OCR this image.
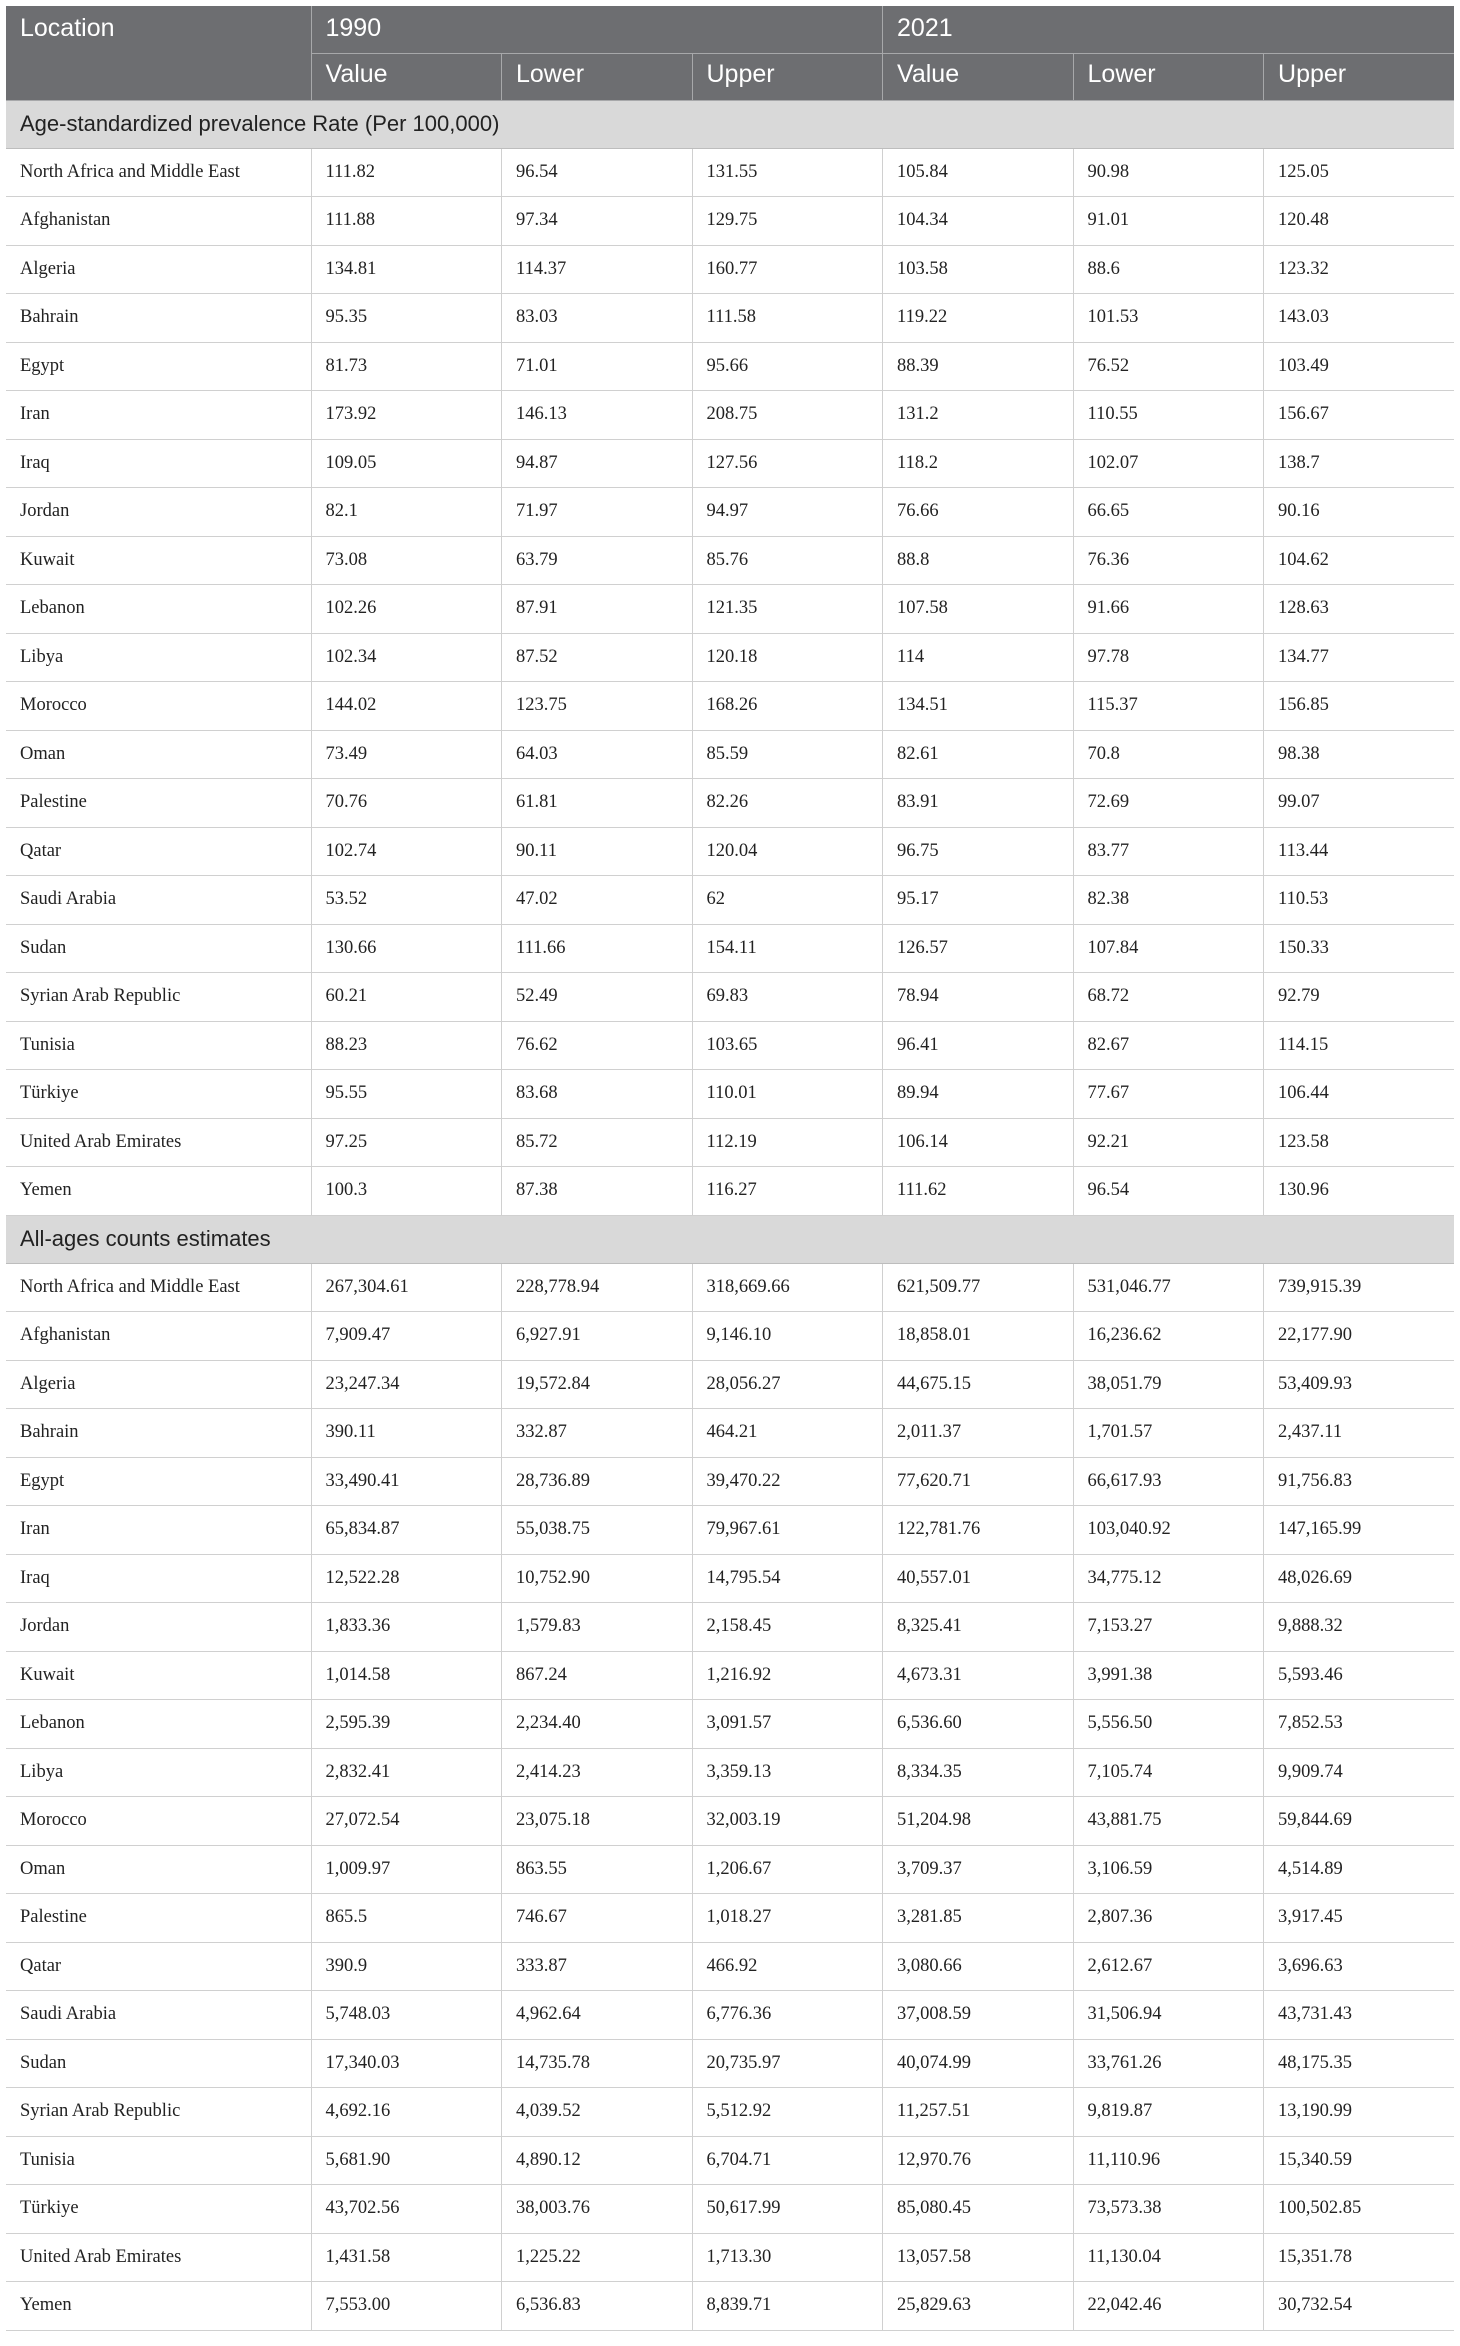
Location	1990			2021		
	Value	Lower	Upper	Value	Lower	Upper
Age-standardized prevalence Rate (Per 100,000)						
North Africa and Middle East	111.82	96.54	131.55	105.84	90.98	125.05
Afghanistan	111.88	97.34	129.75	104.34	91.01	120.48
Algeria	134.81	114.37	160.77	103.58	88.6	123.32
Bahrain	95.35	83.03	111.58	119.22	101.53	143.03
Egypt	81.73	71.01	95.66	88.39	76.52	103.49
Iran	173.92	146.13	208.75	131.2	110.55	156.67
Iraq	109.05	94.87	127.56	118.2	102.07	138.7
Jordan	82.1	71.97	94.97	76.66	66.65	90.16
Kuwait	73.08	63.79	85.76	88.8	76.36	104.62
Lebanon	102.26	87.91	121.35	107.58	91.66	128.63
Libya	102.34	87.52	120.18	114	97.78	134.77
Morocco	144.02	123.75	168.26	134.51	115.37	156.85
Oman	73.49	64.03	85.59	82.61	70.8	98.38
Palestine	70.76	61.81	82.26	83.91	72.69	99.07
Qatar	102.74	90.11	120.04	96.75	83.77	113.44
Saudi Arabia	53.52	47.02	62	95.17	82.38	110.53
Sudan	130.66	111.66	154.11	126.57	107.84	150.33
Syrian Arab Republic	60.21	52.49	69.83	78.94	68.72	92.79
Tunisia	88.23	76.62	103.65	96.41	82.67	114.15
Türkiye	95.55	83.68	110.01	89.94	77.67	106.44
United Arab Emirates	97.25	85.72	112.19	106.14	92.21	123.58
Yemen	100.3	87.38	116.27	111.62	96.54	130.96
All-ages counts estimates						
North Africa and Middle East	267,304.61	228,778.94	318,669.66	621,509.77	531,046.77	739,915.39
Afghanistan	7,909.47	6,927.91	9,146.10	18,858.01	16,236.62	22,177.90
Algeria	23,247.34	19,572.84	28,056.27	44,675.15	38,051.79	53,409.93
Bahrain	390.11	332.87	464.21	2,011.37	1,701.57	2,437.11
Egypt	33,490.41	28,736.89	39,470.22	77,620.71	66,617.93	91,756.83
Iran	65,834.87	55,038.75	79,967.61	122,781.76	103,040.92	147,165.99
Iraq	12,522.28	10,752.90	14,795.54	40,557.01	34,775.12	48,026.69
Jordan	1,833.36	1,579.83	2,158.45	8,325.41	7,153.27	9,888.32
Kuwait	1,014.58	867.24	1,216.92	4,673.31	3,991.38	5,593.46
Lebanon	2,595.39	2,234.40	3,091.57	6,536.60	5,556.50	7,852.53
Libya	2,832.41	2,414.23	3,359.13	8,334.35	7,105.74	9,909.74
Morocco	27,072.54	23,075.18	32,003.19	51,204.98	43,881.75	59,844.69
Oman	1,009.97	863.55	1,206.67	3,709.37	3,106.59	4,514.89
Palestine	865.5	746.67	1,018.27	3,281.85	2,807.36	3,917.45
Qatar	390.9	333.87	466.92	3,080.66	2,612.67	3,696.63
Saudi Arabia	5,748.03	4,962.64	6,776.36	37,008.59	31,506.94	43,731.43
Sudan	17,340.03	14,735.78	20,735.97	40,074.99	33,761.26	48,175.35
Syrian Arab Republic	4,692.16	4,039.52	5,512.92	11,257.51	9,819.87	13,190.99
Tunisia	5,681.90	4,890.12	6,704.71	12,970.76	11,110.96	15,340.59
Türkiye	43,702.56	38,003.76	50,617.99	85,080.45	73,573.38	100,502.85
United Arab Emirates	1,431.58	1,225.22	1,713.30	13,057.58	11,130.04	15,351.78
Yemen	7,553.00	6,536.83	8,839.71	25,829.63	22,042.46	30,732.54
